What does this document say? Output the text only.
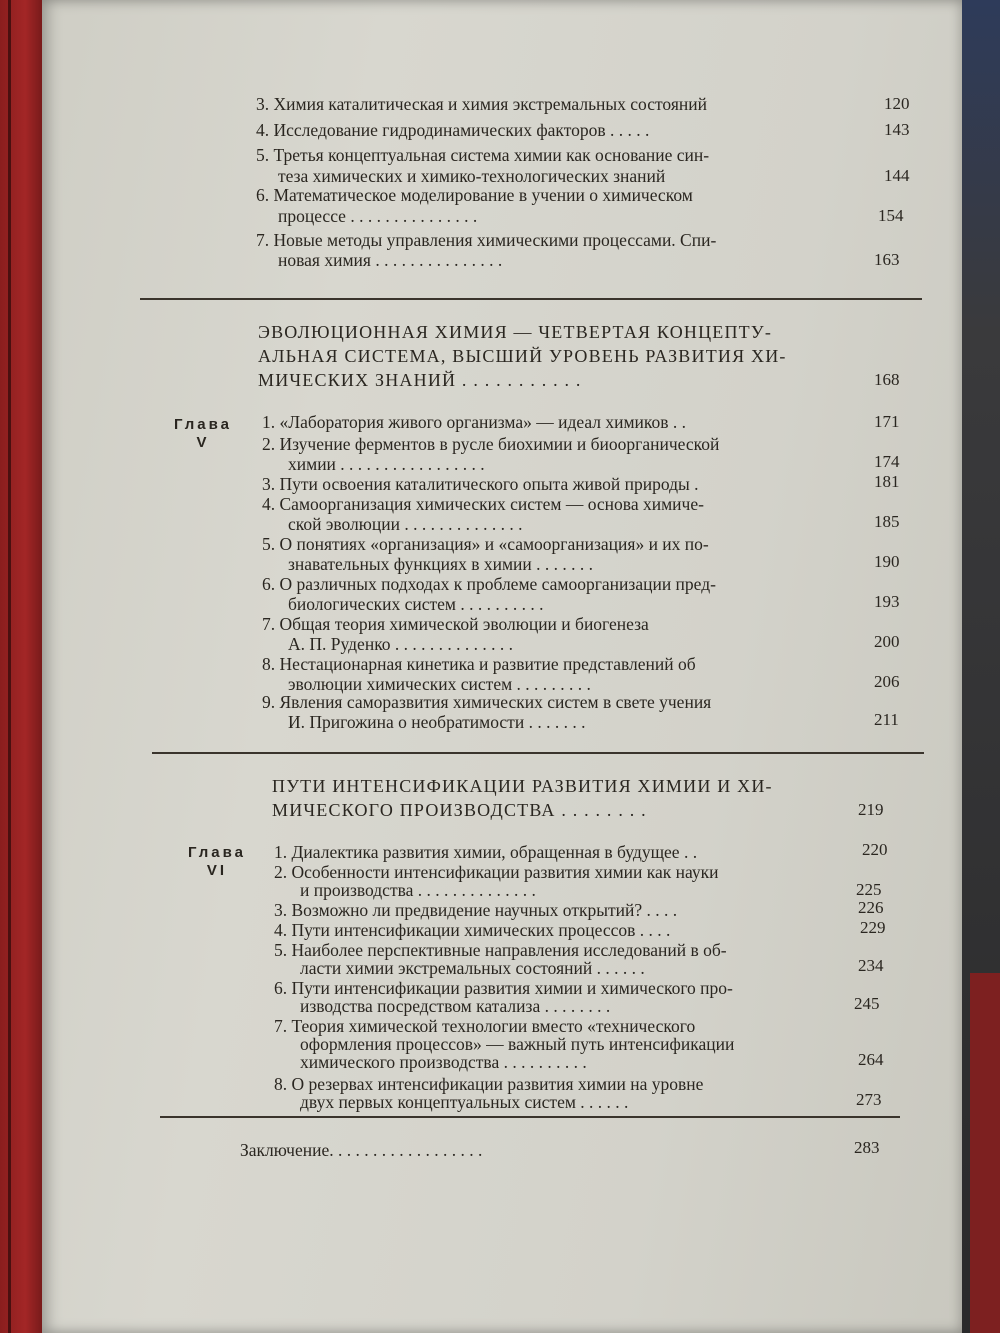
3. Химия каталитическая и химия экстремальных состояний	120
4. Исследование гидродинамических факторов . . . . .	143
5. Третья концептуальная система химии как основание син-
теза химических и химико-технологических знаний	144
6. Математическое моделирование в учении о химическом
процессе . . . . . . . . . . . . . . .	154
7. Новые методы управления химическими процессами. Спи-
новая химия . . . . . . . . . . . . . . .	163
ЭВОЛЮЦИОННАЯ ХИМИЯ — ЧЕТВЕРТАЯ КОНЦЕПТУ-
АЛЬНАЯ СИСТЕМА, ВЫСШИЙ УРОВЕНЬ РАЗВИТИЯ ХИ-
МИЧЕСКИХ ЗНАНИЙ . . . . . . . . . . .	168
Глава
V
1. «Лаборатория живого организма» — идеал химиков . .	171
2. Изучение ферментов в русле биохимии и биоорганической
химии . . . . . . . . . . . . . . . . .	174
3. Пути освоения каталитического опыта живой природы .	181
4. Самоорганизация химических систем — основа химиче-
ской эволюции . . . . . . . . . . . . . .	185
5. О понятиях «организация» и «самоорганизация» и их по-
знавательных функциях в химии . . . . . . .	190
6. О различных подходах к проблеме самоорганизации пред-
биологических систем . . . . . . . . . .	193
7. Общая теория химической эволюции и биогенеза
А. П. Руденко . . . . . . . . . . . . . .	200
8. Нестационарная кинетика и развитие представлений об
эволюции химических систем . . . . . . . . .	206
9. Явления саморазвития химических систем в свете учения
И. Пригожина о необратимости . . . . . . .	211
ПУТИ ИНТЕНСИФИКАЦИИ РАЗВИТИЯ ХИМИИ И ХИ-
МИЧЕСКОГО ПРОИЗВОДСТВА . . . . . . . .	219
Глава
VI
1. Диалектика развития химии, обращенная в будущее . .	220
2. Особенности интенсификации развития химии как науки
и производства . . . . . . . . . . . . . .	225
3. Возможно ли предвидение научных открытий? . . . .	226
4. Пути интенсификации химических процессов . . . .	229
5. Наиболее перспективные направления исследований в об-
ласти химии экстремальных состояний . . . . . .	234
6. Пути интенсификации развития химии и химического про-
изводства посредством катализа . . . . . . . .	245
7. Теория химической технологии вместо «технического
оформления процессов» — важный путь интенсификации
химического производства . . . . . . . . . .	264
8. О резервах интенсификации развития химии на уровне
двух первых концептуальных систем . . . . . .	273
Заключение. . . . . . . . . . . . . . . . . .	283
